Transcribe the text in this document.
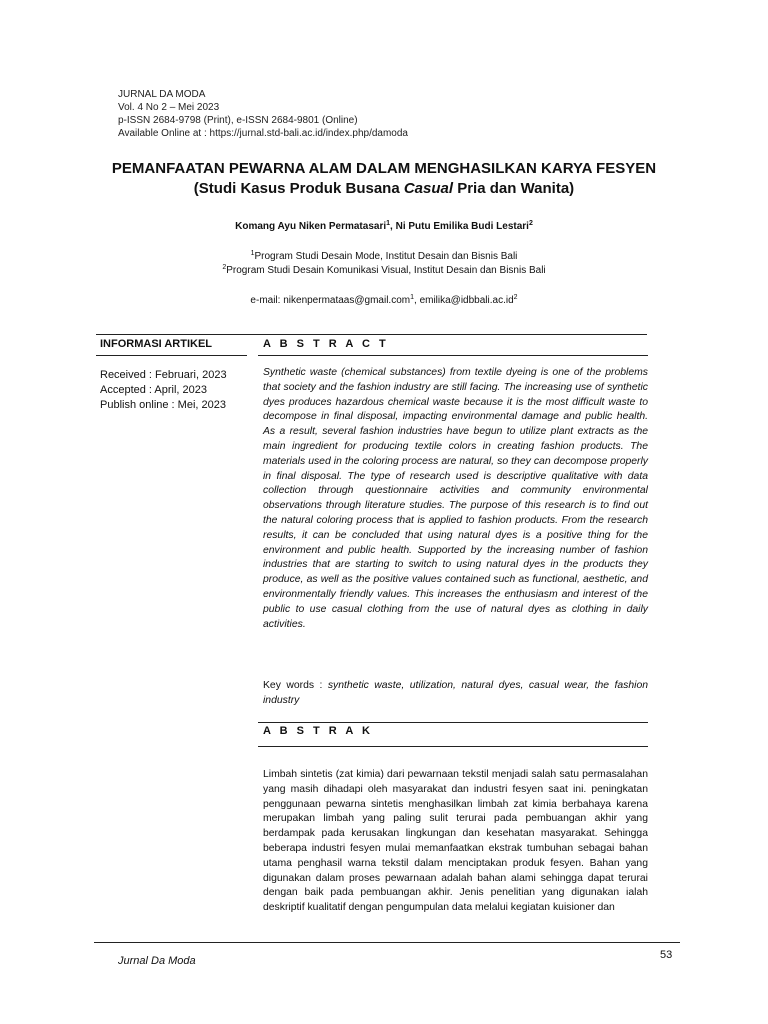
JURNAL DA MODA
Vol. 4 No 2 – Mei 2023
p-ISSN 2684-9798 (Print), e-ISSN 2684-9801 (Online)
Available Online at : https://jurnal.std-bali.ac.id/index.php/damoda
PEMANFAATAN PEWARNA ALAM DALAM MENGHASILKAN KARYA FESYEN
(Studi Kasus Produk Busana Casual Pria dan Wanita)
Komang Ayu Niken Permatasari$^1$, Ni Putu Emilika Budi Lestari$^2$
$^1$Program Studi Desain Mode, Institut Desain dan Bisnis Bali
$^2$Program Studi Desain Komunikasi Visual, Institut Desain dan Bisnis Bali
e-mail: nikenpermataas@gmail.com$^1$, $emilika@idbbali.ac.id^2$
INFORMASI ARTIKEL	A B S T R A C T
Received : Februari, 2023
Accepted : April, 2023
Publish online : Mei, 2023
Synthetic waste (chemical substances) from textile dyeing is one of the problems that society and the fashion industry are still facing. The increasing use of synthetic dyes produces hazardous chemical waste because it is the most difficult waste to decompose in final disposal, impacting environmental damage and public health. As a result, several fashion industries have begun to utilize plant extracts as the main ingredient for producing textile colors in creating fashion products. The materials used in the coloring process are natural, so they can decompose properly in final disposal. The type of research used is descriptive qualitative with data collection through questionnaire activities and community environmental observations through literature studies. The purpose of this research is to find out the natural coloring process that is applied to fashion products. From the research results, it can be concluded that using natural dyes is a positive thing for the environment and public health. Supported by the increasing number of fashion industries that are starting to switch to using natural dyes in the products they produce, as well as the positive values contained such as functional, aesthetic, and environmentally friendly values. This increases the enthusiasm and interest of the public to use casual clothing from the use of natural dyes as clothing in daily activities.
Key words : synthetic waste, utilization, natural dyes, casual wear, the fashion industry
A B S T R A K
Limbah sintetis (zat kimia) dari pewarnaan tekstil menjadi salah satu permasalahan yang masih dihadapi oleh masyarakat dan industri fesyen saat ini. peningkatan penggunaan pewarna sintetis menghasilkan limbah zat kimia berbahaya karena merupakan limbah yang paling sulit terurai pada pembuangan akhir yang berdampak pada kerusakan lingkungan dan kesehatan masyarakat. Sehingga beberapa industri fesyen mulai memanfaatkan ekstrak tumbuhan sebagai bahan utama penghasil warna tekstil dalam menciptakan produk fesyen. Bahan yang digunakan dalam proses pewarnaan adalah bahan alami sehingga dapat terurai dengan baik pada pembuangan akhir. Jenis penelitian yang digunakan ialah deskriptif kualitatif dengan pengumpulan data melalui kegiatan kuisioner dan
Jurnal Da Moda	53
